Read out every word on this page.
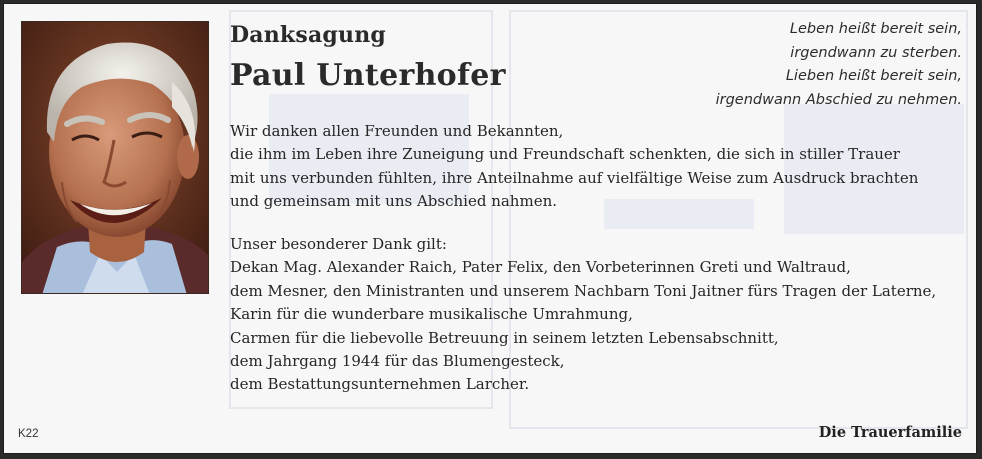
Danksagung
Paul Unterhofer
Leben heißt bereit sein,
irgendwann zu sterben.
Lieben heißt bereit sein,
irgendwann Abschied zu nehmen.
Wir danken allen Freunden und Bekannten,
die ihm im Leben ihre Zuneigung und Freundschaft schenkten, die sich in stiller Trauer
mit uns verbunden fühlten, ihre Anteilnahme auf vielfältige Weise zum Ausdruck brachten
und gemeinsam mit uns Abschied nahmen.
Unser besonderer Dank gilt:
Dekan Mag. Alexander Raich, Pater Felix, den Vorbeterinnen Greti und Waltraud,
dem Mesner, den Ministranten und unserem Nachbarn Toni Jaitner fürs Tragen der Laterne,
Karin für die wunderbare musikalische Umrahmung,
Carmen für die liebevolle Betreuung in seinem letzten Lebensabschnitt,
dem Jahrgang 1944 für das Blumengesteck,
dem Bestattungsunternehmen Larcher.
K22	Die Trauerfamilie
